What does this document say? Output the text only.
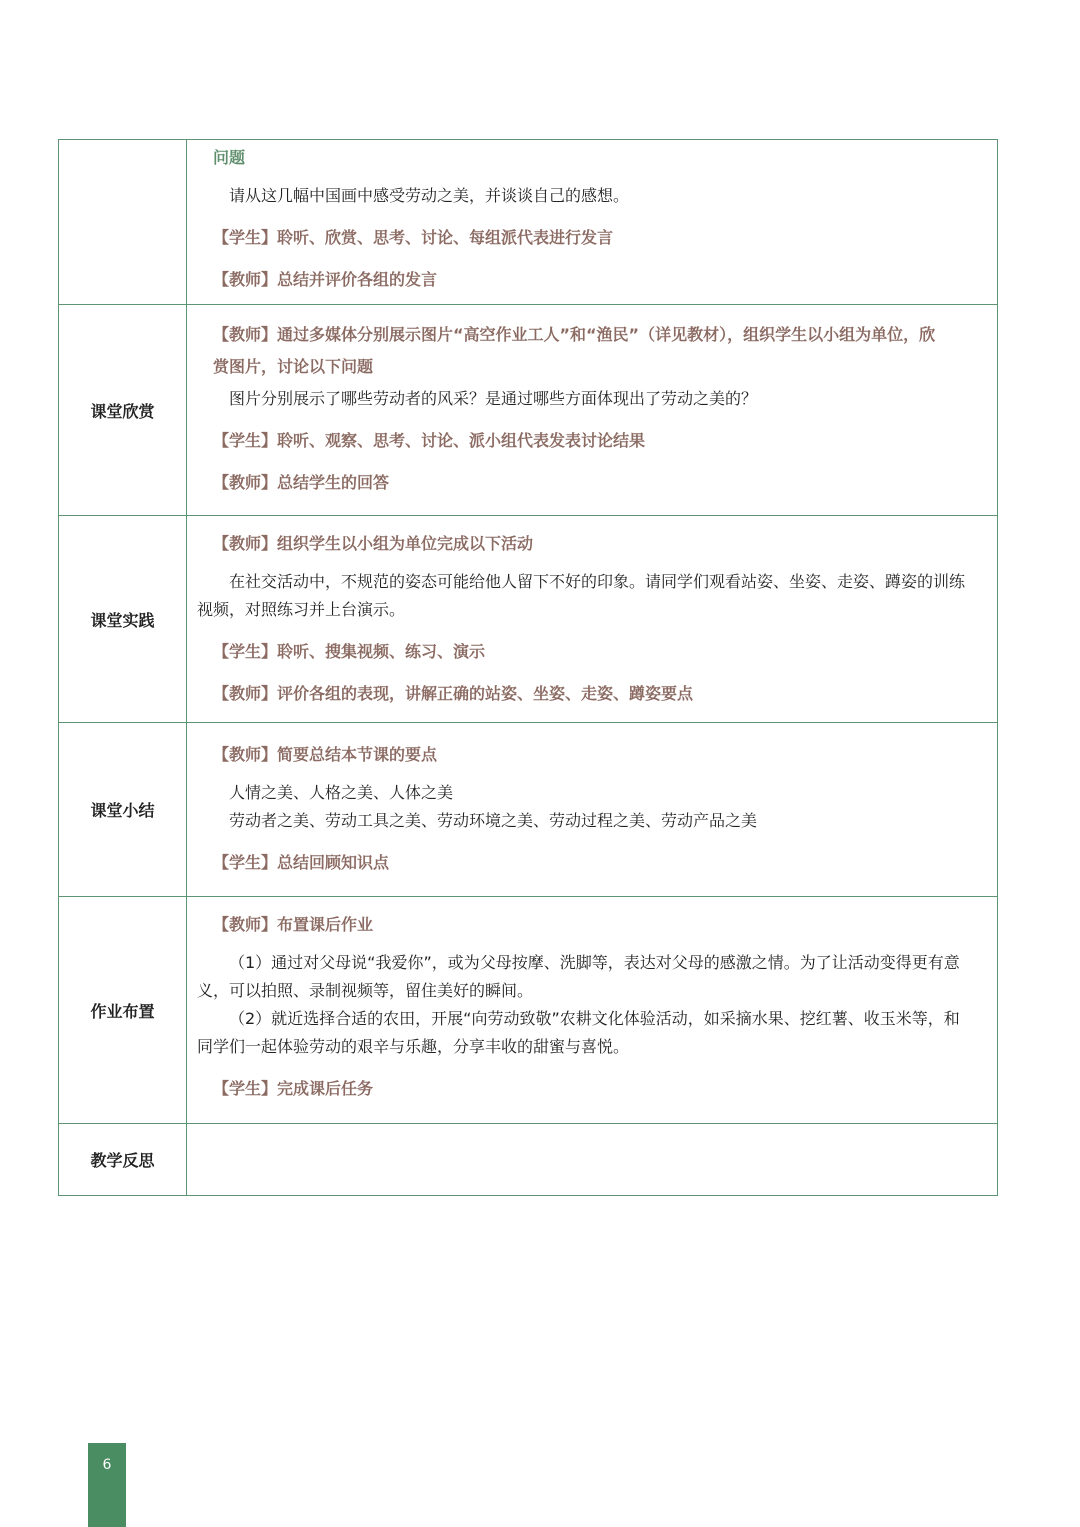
问题
请从这几幅中国画中感受劳动之美，并谈谈自己的感想。
【学生】聆听、欣赏、思考、讨论、每组派代表进行发言
【教师】总结并评价各组的发言
课堂欣赏
【教师】通过多媒体分别展示图片“高空作业工人”和“渔民”（详见教材），组织学生以小组为单位，欣
赏图片，讨论以下问题
图片分别展示了哪些劳动者的风采？是通过哪些方面体现出了劳动之美的？
【学生】聆听、观察、思考、讨论、派小组代表发表讨论结果
【教师】总结学生的回答
课堂实践
【教师】组织学生以小组为单位完成以下活动
在社交活动中，不规范的姿态可能给他人留下不好的印象。请同学们观看站姿、坐姿、走姿、蹲姿的训练
视频，对照练习并上台演示。
【学生】聆听、搜集视频、练习、演示
【教师】评价各组的表现，讲解正确的站姿、坐姿、走姿、蹲姿要点
课堂小结
【教师】简要总结本节课的要点
人情之美、人格之美、人体之美
劳动者之美、劳动工具之美、劳动环境之美、劳动过程之美、劳动产品之美
【学生】总结回顾知识点
作业布置
【教师】布置课后作业
（1）通过对父母说“我爱你”，或为父母按摩、洗脚等，表达对父母的感激之情。为了让活动变得更有意
义，可以拍照、录制视频等，留住美好的瞬间。
（2）就近选择合适的农田，开展“向劳动致敬”农耕文化体验活动，如采摘水果、挖红薯、收玉米等，和
同学们一起体验劳动的艰辛与乐趣，分享丰收的甜蜜与喜悦。
【学生】完成课后任务
教学反思
6
